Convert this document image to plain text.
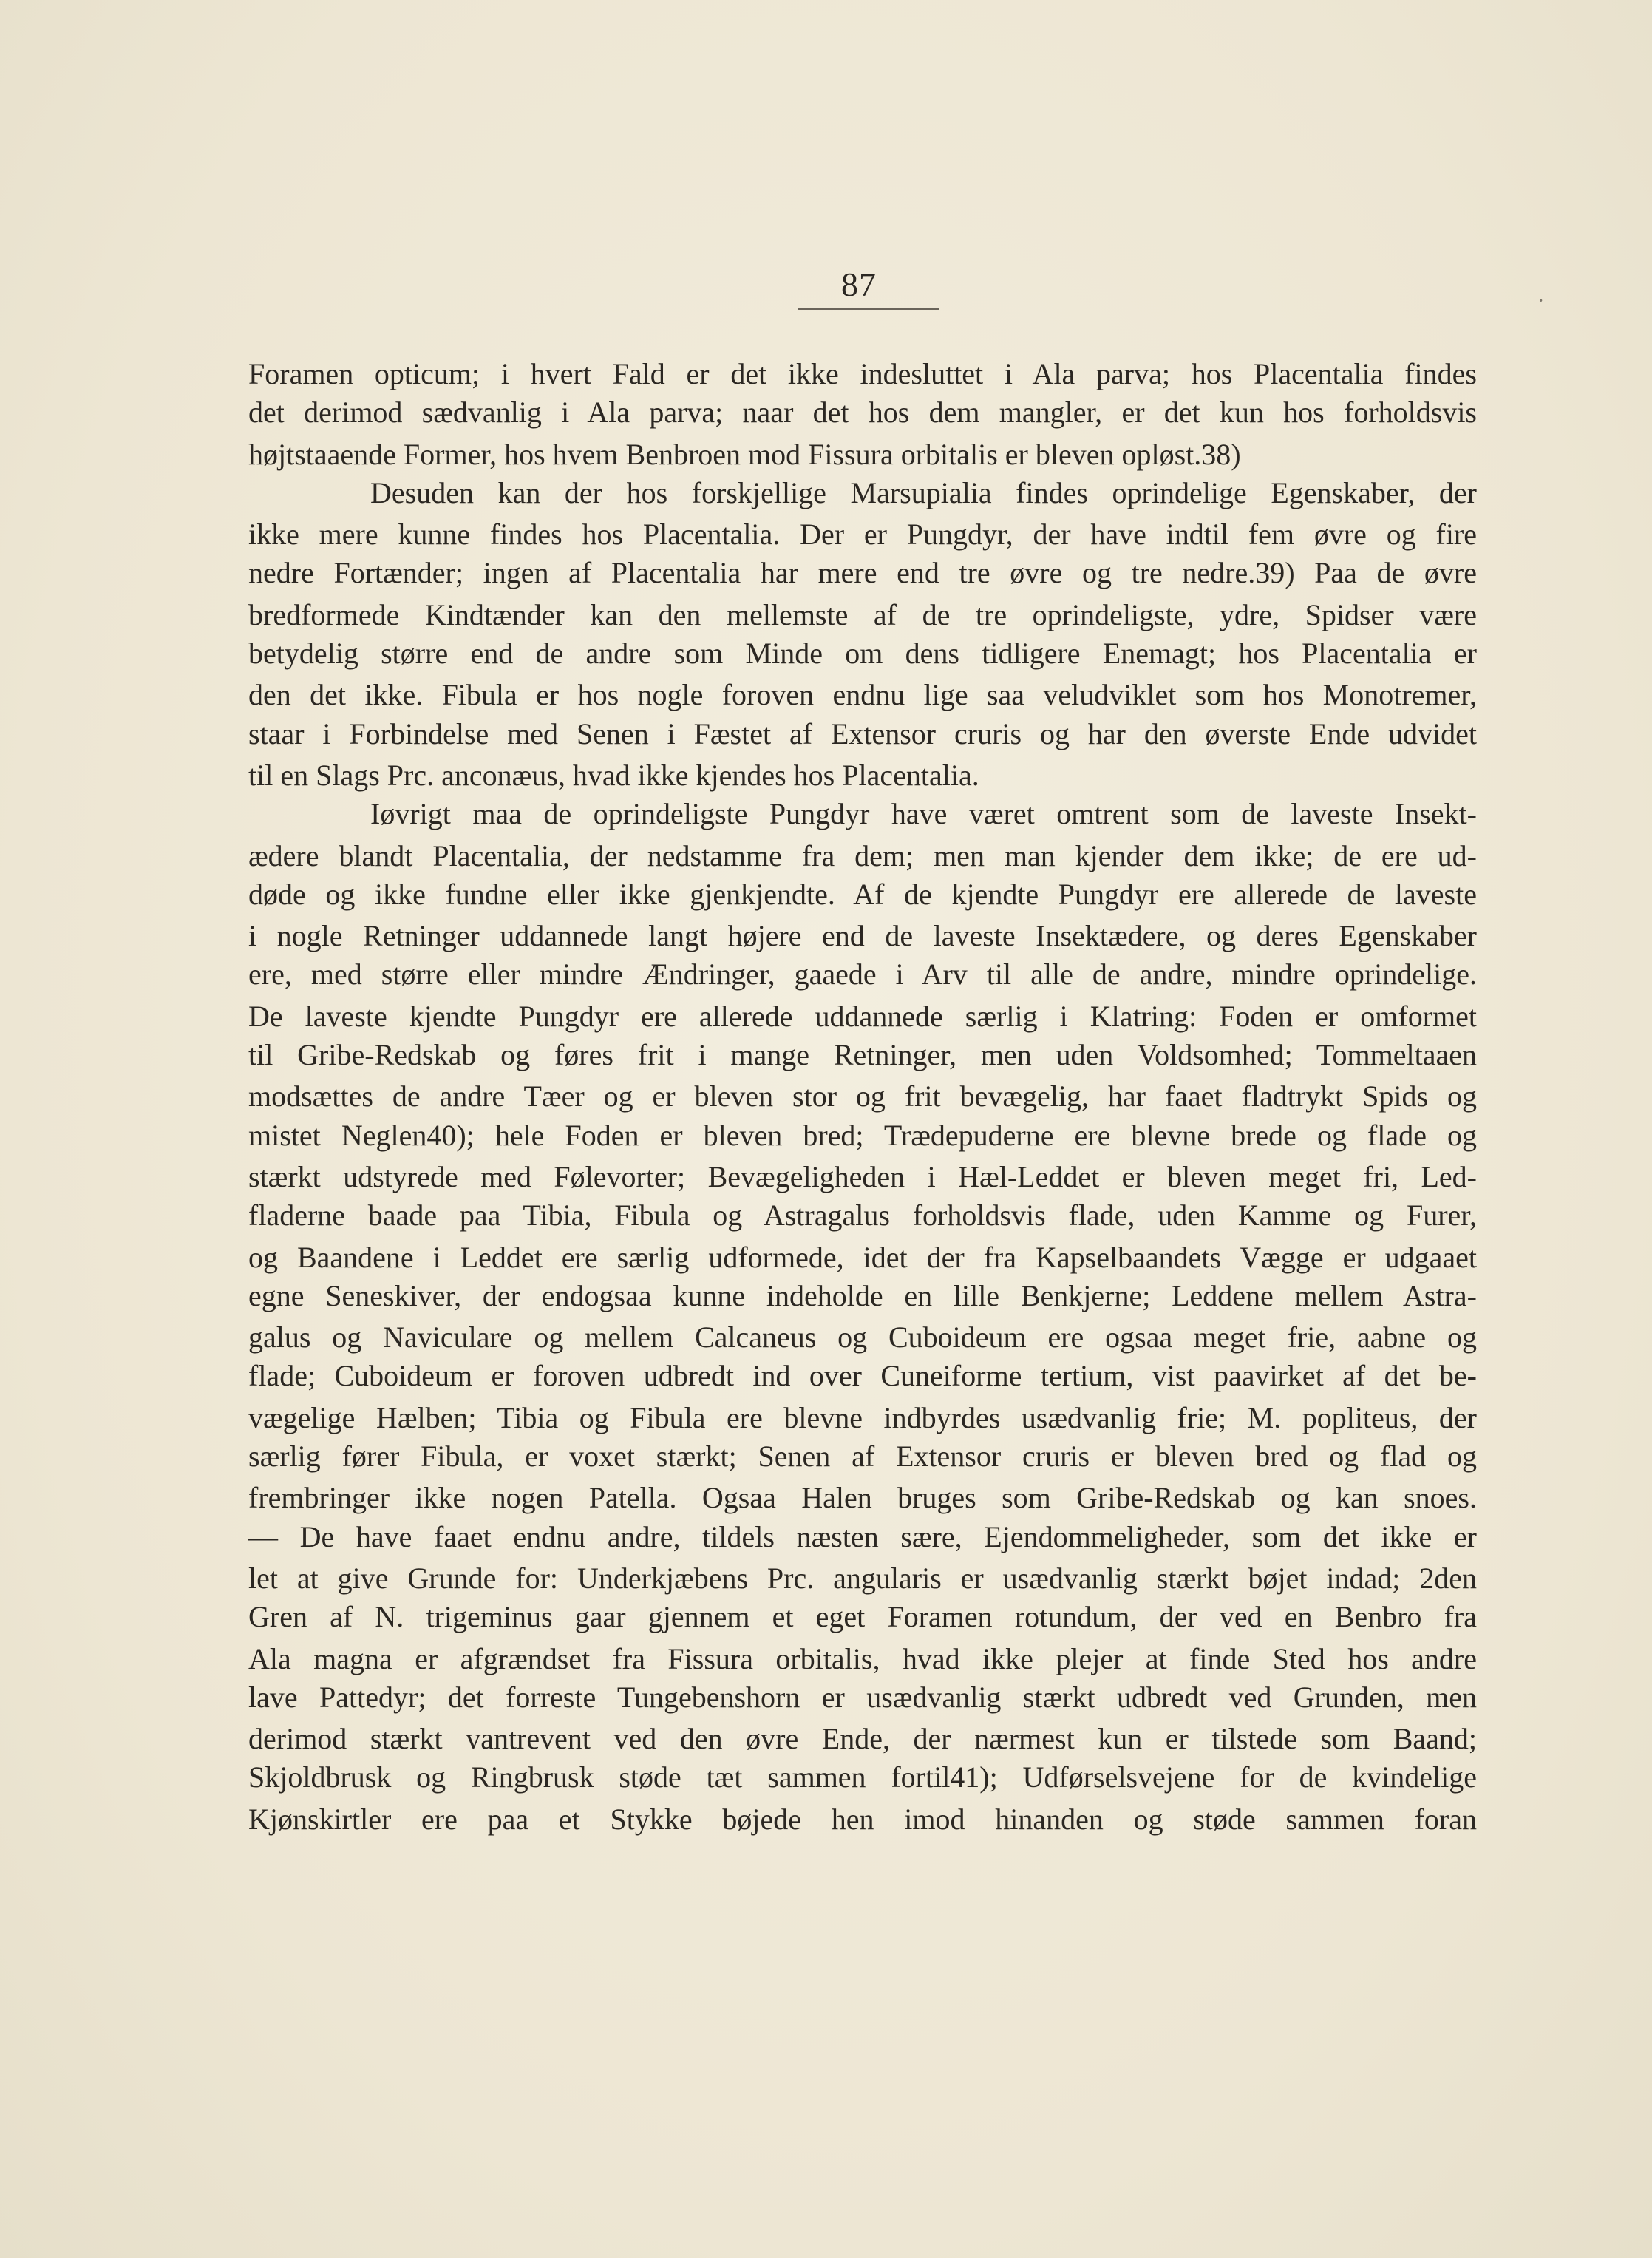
87	·
Foramen opticum; i hvert Fald er det ikke indesluttet i Ala parva; hos Placentalia findes
det derimod sædvanlig i Ala parva; naar det hos dem mangler, er det kun hos forholdsvis
højtstaaende Former, hos hvem Benbroen mod Fissura orbitalis er bleven opløst.38)
Desuden kan der hos forskjellige Marsupialia findes oprindelige Egenskaber, der
ikke mere kunne findes hos Placentalia. Der er Pungdyr, der have indtil fem øvre og fire
nedre Fortænder; ingen af Placentalia har mere end tre øvre og tre nedre.39) Paa de øvre
bredformede Kindtænder kan den mellemste af de tre oprindeligste, ydre, Spidser være
betydelig større end de andre som Minde om dens tidligere Enemagt; hos Placentalia er
den det ikke. Fibula er hos nogle foroven endnu lige saa veludviklet som hos Monotremer,
staar i Forbindelse med Senen i Fæstet af Extensor cruris og har den øverste Ende udvidet
til en Slags Prc. anconæus, hvad ikke kjendes hos Placentalia.
Iøvrigt maa de oprindeligste Pungdyr have været omtrent som de laveste Insekt-
ædere blandt Placentalia, der nedstamme fra dem; men man kjender dem ikke; de ere ud-
døde og ikke fundne eller ikke gjenkjendte. Af de kjendte Pungdyr ere allerede de laveste
i nogle Retninger uddannede langt højere end de laveste Insektædere, og deres Egenskaber
ere, med større eller mindre Ændringer, gaaede i Arv til alle de andre, mindre oprindelige.
De laveste kjendte Pungdyr ere allerede uddannede særlig i Klatring: Foden er omformet
til Gribe-Redskab og føres frit i mange Retninger, men uden Voldsomhed; Tommeltaaen
modsættes de andre Tæer og er bleven stor og frit bevægelig, har faaet fladtrykt Spids og
mistet Neglen40); hele Foden er bleven bred; Trædepuderne ere blevne brede og flade og
stærkt udstyrede med Følevorter; Bevægeligheden i Hæl-Leddet er bleven meget fri, Led-
fladerne baade paa Tibia, Fibula og Astragalus forholdsvis flade, uden Kamme og Furer,
og Baandene i Leddet ere særlig udformede, idet der fra Kapselbaandets Vægge er udgaaet
egne Seneskiver, der endogsaa kunne indeholde en lille Benkjerne; Leddene mellem Astra-
galus og Naviculare og mellem Calcaneus og Cuboideum ere ogsaa meget frie, aabne og
flade; Cuboideum er foroven udbredt ind over Cuneiforme tertium, vist paavirket af det be-
vægelige Hælben; Tibia og Fibula ere blevne indbyrdes usædvanlig frie; M. popliteus, der
særlig fører Fibula, er voxet stærkt; Senen af Extensor cruris er bleven bred og flad og
frembringer ikke nogen Patella. Ogsaa Halen bruges som Gribe-Redskab og kan snoes.
— De have faaet endnu andre, tildels næsten sære, Ejendommeligheder, som det ikke er
let at give Grunde for: Underkjæbens Prc. angularis er usædvanlig stærkt bøjet indad; 2den
Gren af N. trigeminus gaar gjennem et eget Foramen rotundum, der ved en Benbro fra
Ala magna er afgrændset fra Fissura orbitalis, hvad ikke plejer at finde Sted hos andre
lave Pattedyr; det forreste Tungebenshorn er usædvanlig stærkt udbredt ved Grunden, men
derimod stærkt vantrevent ved den øvre Ende, der nærmest kun er tilstede som Baand;
Skjoldbrusk og Ringbrusk støde tæt sammen fortil41); Udførselsvejene for de kvindelige
Kjønskirtler ere paa et Stykke bøjede hen imod hinanden og støde sammen foran
